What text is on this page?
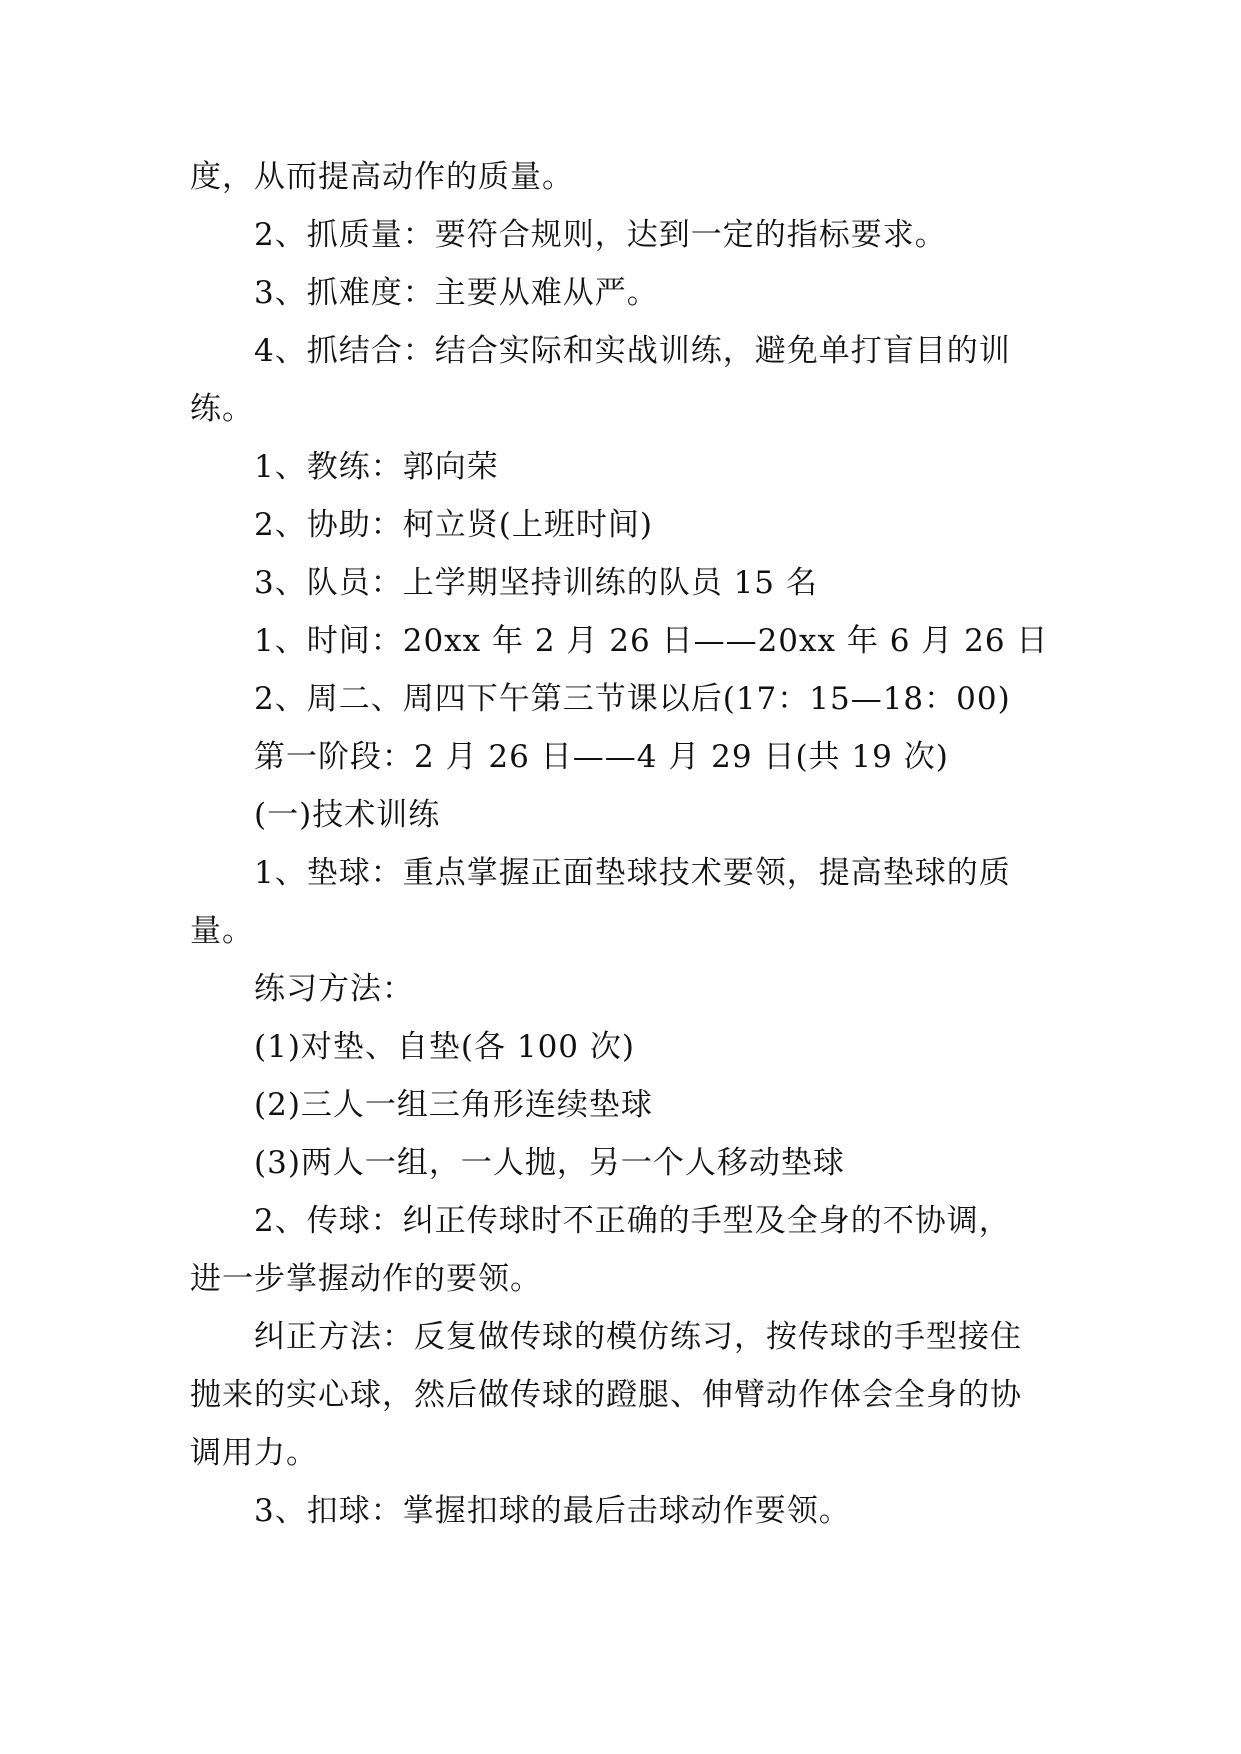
度，从而提高动作的质量。
2、抓质量：要符合规则，达到一定的指标要求。
3、抓难度：主要从难从严。
4、抓结合：结合实际和实战训练，避免单打盲目的训
练。
1、教练：郭向荣
2、协助：柯立贤(上班时间)
3、队员：上学期坚持训练的队员 15 名
1、时间：20xx 年 2 月 26 日——20xx 年 6 月 26 日
2、周二、周四下午第三节课以后(17：15—18：00)
第一阶段：2 月 26 日——4 月 29 日(共 19 次)
(一)技术训练
1、垫球：重点掌握正面垫球技术要领，提高垫球的质
量。
练习方法：
(1)对垫、自垫(各 100 次)
(2)三人一组三角形连续垫球
(3)两人一组，一人抛，另一个人移动垫球
2、传球：纠正传球时不正确的手型及全身的不协调，
进一步掌握动作的要领。
纠正方法：反复做传球的模仿练习，按传球的手型接住
抛来的实心球，然后做传球的蹬腿、伸臂动作体会全身的协
调用力。
3、扣球：掌握扣球的最后击球动作要领。
